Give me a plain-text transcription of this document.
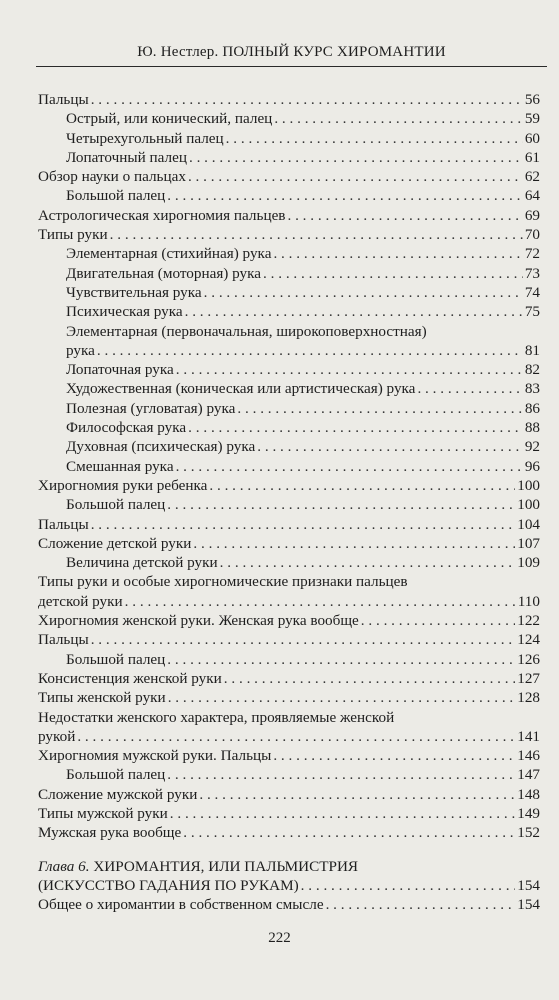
Ю. Нестлер. ПОЛНЫЙ КУРС ХИРОМАНТИИ
Пальцы . . .	56
Острый, или конический, палец . . .	59
Четырехугольный палец . . .	60
Лопаточный палец . . .	61
Обзор науки о пальцах . . .	62
Большой палец . . .	64
Астрологическая хирогномия пальцев . . .	69
Типы руки . . .	70
Элементарная (стихийная) рука . . .	72
Двигательная (моторная) рука . . .	73
Чувствительная рука . . .	74
Психическая рука . . .	75
Элементарная (первоначальная, широкоповерхностная)
рука . . .	81
Лопаточная рука . . .	82
Художественная (коническая или артистическая) рука . . .	83
Полезная (угловатая) рука . . .	86
Философская рука . . .	88
Духовная (психическая) рука . . .	92
Смешанная рука . . .	96
Хирогномия руки ребенка . . .	100
Большой палец . . .	100
Пальцы . . .	104
Сложение детской руки . . .	107
Величина детской руки . . .	109
Типы руки и особые хирогномические признаки пальцев
детской руки . . .	110
Хирогномия женской руки. Женская рука вообще . . .	122
Пальцы . . .	124
Большой палец . . .	126
Консистенция женской руки . . .	127
Типы женской руки . . .	128
Недостатки женского характера, проявляемые женской
рукой . . .	141
Хирогномия мужской руки. Пальцы . . .	146
Большой палец . . .	147
Сложение мужской руки . . .	148
Типы мужской руки . . .	149
Мужская рука вообще . . .	152
Глава 6. ХИРОМАНТИЯ, ИЛИ ПАЛЬМИСТРИЯ
(ИСКУССТВО ГАДАНИЯ ПО РУКАМ) . . .	154
Общее о хиромантии в собственном смысле . . .	154
222
